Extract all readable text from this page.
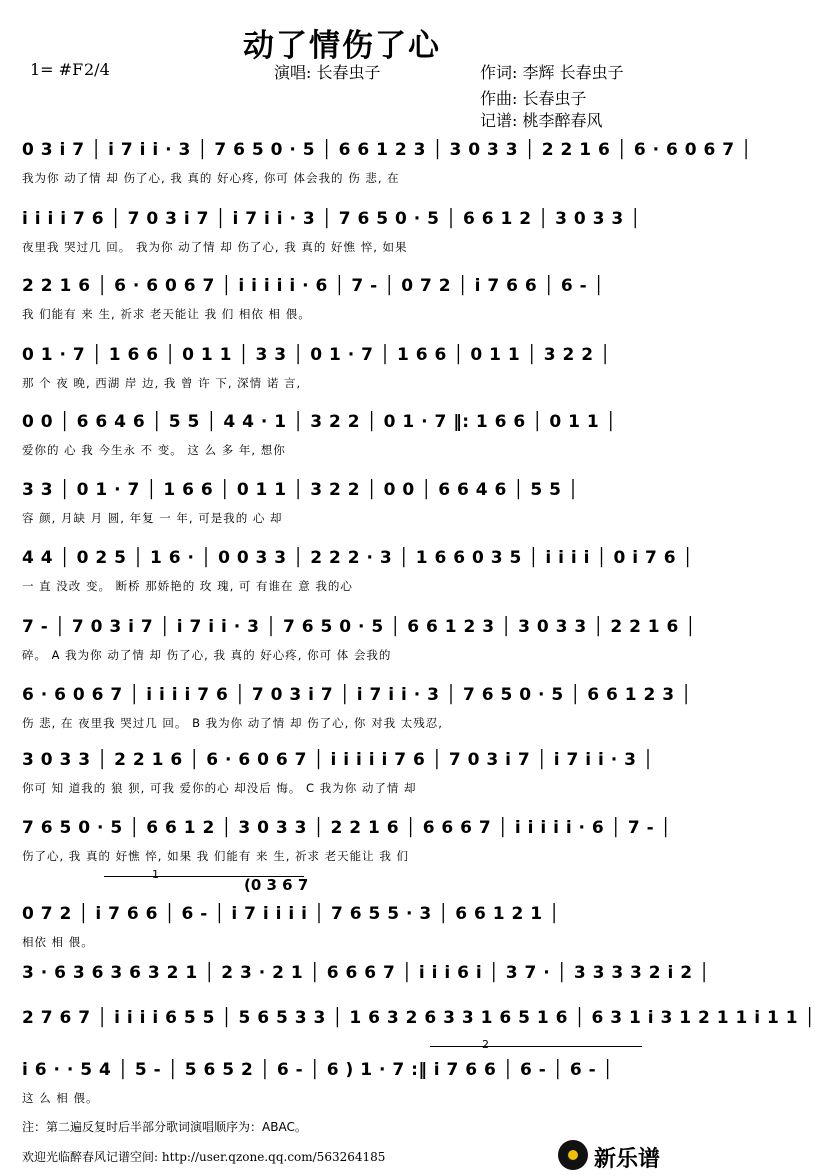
动了情伤了心
1= #F 2/4	演唱: 长春虫子	作词: 李辉 长春虫子
作曲: 长春虫子
记谱: 桃李醉春风
0 3 i 7 │ i 7 i i · 3 │ 7 6 5 0 · 5 │ 6 6 1 2 3 │ 3 0 3 3 │ 2 2 1 6 │ 6 · 6 0 6 7 │
我为你 动了情 却 伤了心, 我 真的 好心疼, 你可 体会我的 伤 悲, 在
i i i i 7 6 │ 7 0 3 i 7 │ i 7 i i · 3 │ 7 6 5 0 · 5 │ 6 6 1 2 │ 3 0 3 3 │
夜里我 哭过几 回。 我为你 动了情 却 伤了心, 我 真的 好憔 悴, 如果
2 2 1 6 │ 6 · 6 0 6 7 │ i i i i i · 6 │ 7 - │ 0 7 2 │ i 7 6 6 │ 6 - │
我 们能有 来 生, 祈求 老天能让 我 们 相依 相 偎。
0 1 · 7 │ 1 6 6 │ 0 1 1 │ 3 3 │ 0 1 · 7 │ 1 6 6 │ 0 1 1 │ 3 2 2 │
那 个 夜 晚, 西湖 岸 边, 我 曾 许 下, 深情 诺 言,
0 0 │ 6 6 4 6 │ 5 5 │ 4 4 · 1 │ 3 2 2 │ 0 1 · 7 ‖: 1 6 6 │ 0 1 1 │
爱你的 心 我 今生永 不 变。 这 么 多 年, 想你
3 3 │ 0 1 · 7 │ 1 6 6 │ 0 1 1 │ 3 2 2 │ 0 0 │ 6 6 4 6 │ 5 5 │
容 颜, 月缺 月 圆, 年复 一 年, 可是我的 心 却
4 4 │ 0 2 5 │ 1 6 · │ 0 0 3 3 │ 2 2 2 · 3 │ 1 6 6 0 3 5 │ i i i i │ 0 i 7 6 │
一 直 没改 变。 断桥 那娇艳的 玫 瑰, 可 有谁在 意 我的心
7 - │ 7 0 3 i 7 │ i 7 i i · 3 │ 7 6 5 0 · 5 │ 6 6 1 2 3 │ 3 0 3 3 │ 2 2 1 6 │
碎。 A 我为你 动了情 却 伤了心, 我 真的 好心疼, 你可 体 会我的
6 · 6 0 6 7 │ i i i i 7 6 │ 7 0 3 i 7 │ i 7 i i · 3 │ 7 6 5 0 · 5 │ 6 6 1 2 3 │
伤 悲, 在 夜里我 哭过几 回。 B 我为你 动了情 却 伤了心, 你 对我 太残忍,
3 0 3 3 │ 2 2 1 6 │ 6 · 6 0 6 7 │ i i i i i 7 6 │ 7 0 3 i 7 │ i 7 i i · 3 │
你可 知 道我的 狼 狈, 可我 爱你的心 却没后 悔。 C 我为你 动了情 却
7 6 5 0 · 5 │ 6 6 1 2 │ 3 0 3 3 │ 2 2 1 6 │ 6 6 6 7 │ i i i i i · 6 │ 7 - │
伤了心, 我 真的 好憔 悴, 如果 我 们能有 来 生, 祈求 老天能让 我 们
1
(0 3 6 7
0 7 2 │ i 7 6 6 │ 6 - │ i 7 i i i i │ 7 6 5 5 · 3 │ 6 6 1 2 1 │
相依 相 偎。
3 · 6 3 6 3 6 3 2 1 │ 2 3 · 2 1 │ 6 6 6 7 │ i i i 6 i │ 3 7 · │ 3 3 3 3 2 i 2 │
2 7 6 7 │ i i i i 6 5 5 │ 5 6 5 3 3 │ 1 6 3 2 6 3 3 1 6 5 1 6 │ 6 3 1 i 3 1 2 1 1 i 1 1 │
2
i 6 · · 5 4 │ 5 - │ 5 6 5 2 │ 6 - │ 6 ) 1 · 7 :‖ i 7 6 6 │ 6 - │ 6 - │
这 么 相 偎。
注：第二遍反复时后半部分歌词演唱顺序为：ABAC。
欢迎光临醉春风记谱空间: http://user.qzone.qq.com/563264185	新乐谱
